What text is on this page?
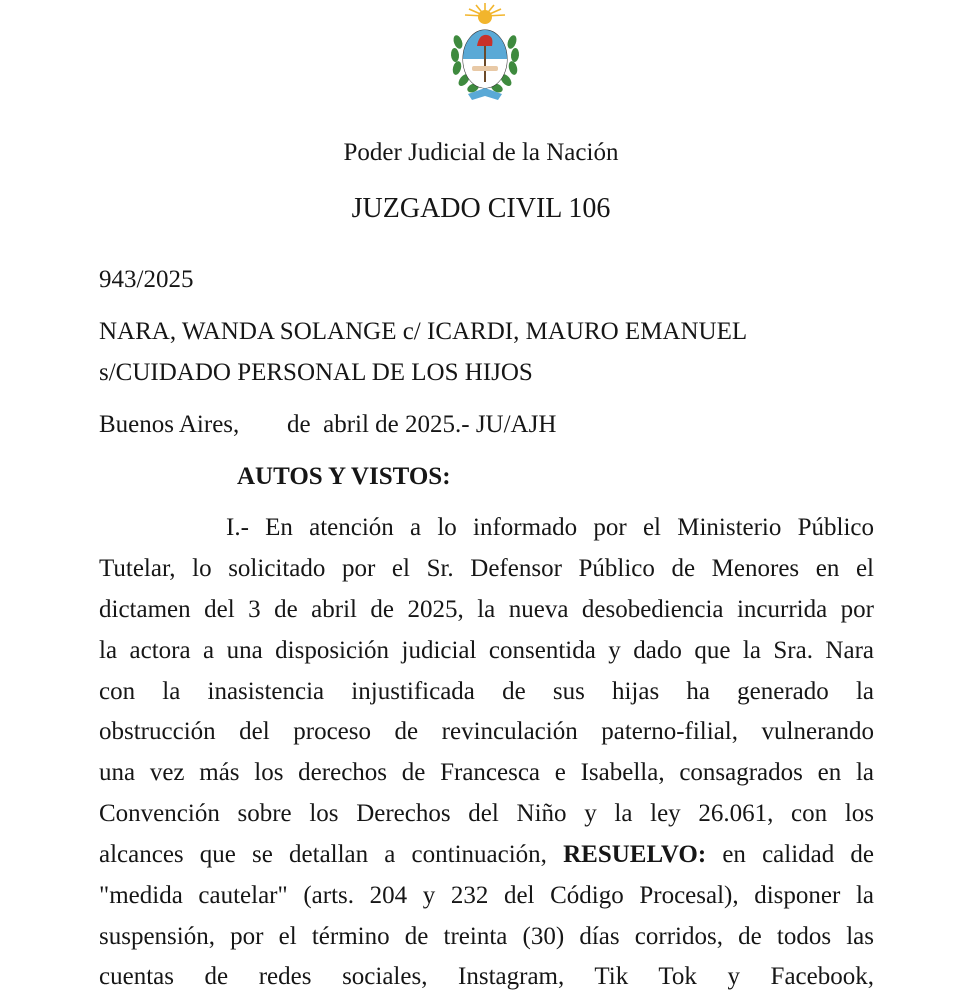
Poder Judicial de la Nación
JUZGADO CIVIL 106
943/2025
NARA, WANDA SOLANGE c/ ICARDI, MAURO EMANUEL
s/CUIDADO PERSONAL DE LOS HIJOS
Buenos Aires, de  abril de 2025.- JU/AJH
AUTOS Y VISTOS:
I.- En atención a lo informado por el Ministerio Público
Tutelar, lo solicitado por el Sr. Defensor Público de Menores en el
dictamen del 3 de abril de 2025, la nueva desobediencia incurrida por
la actora a una disposición judicial consentida y dado que la Sra. Nara
con la inasistencia injustificada de sus hijas ha generado la
obstrucción del proceso de revinculación paterno-filial, vulnerando
una vez más los derechos de Francesca e Isabella, consagrados en la
Convención sobre los Derechos del Niño y la ley 26.061, con los
alcances que se detallan a continuación, RESUELVO: en calidad de
"medida cautelar" (arts. 204 y 232 del Código Procesal), disponer la
suspensión, por el término de treinta (30) días corridos, de todos las
cuentas de redes sociales, Instagram, Tik Tok y Facebook,
